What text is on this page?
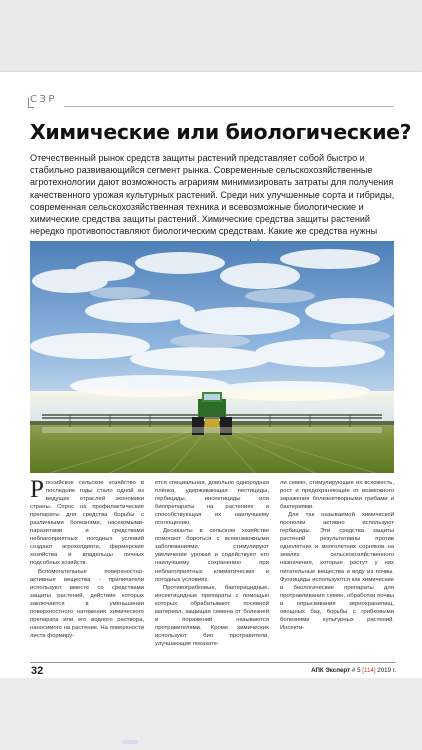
СЗР
Химические или биологические?

Отечественный рынок средств защиты растений представляет собой быстро и стабильно развивающийся сегмент рынка. Современные сельскохозяйственные агротехнологии дают возможность аграриям минимизировать затраты для получения качественного урожая культурных растений. Среди них улучшенные сорта и гибриды, современная сельскохозяйственная техника и всевозможные биологические и химические средства защиты растений. Химические средства защиты растений нередко противопоставляют биологическим средствам. Какие же средства нужны

Российское сельское хозяйство в последние годы стало одной из ведущих отраслей экономики страны. Спрос на профилактические препараты для средства борьбы с различными болезнями, насекомыми-паразитами и средствами неблагоприятных погодных условий создают агрохолдинги, фермерские хозяйства и владельцы личных подсобных хозяйств.

Вспомогательные поверхностно-активные вещества - прилипатели используют вместе со средствами защиты растений, действие которых заключается в уменьшении поверхностного натяжения химического препарата или его водного раствора, наносимого на растение. На поверхности листа формиру-

ется специальная, довольно однородная плёнка, удерживающая пестициды, гербициды, инсектициды или биопрепараты на растениях и способствующая их наилучшему поглощению.

Десиканты в сельском хозяйстве помогают бороться с всевозможными заболеваниями, стимулируют увеличение урожая и содействуют его наилучшему сохранению при неблагоприятных климатических и погодных условиях.

Противогрибковые, бактерицидные, инсектицидные препараты с помощью которых обрабатывают посевной материал, защищая семена от болезней и поражений называются протравителями. Кроме химических используют био протравители, улучшающие показате-

ли семян, стимулирующие их всхожесть, рост и предохраняющие от возможного заражения болезнетворными грибами и бактериями.

Для так называемой химической прополки активно используют гербициды. Эти средства защиты растений результативны против однолетних и многолетних сорняков на землях сельскохозяйственного назначения, которые растут у них питательные вещества и воду из почвы. Фунгициды используются как химические и биологические препараты для протравливания семян, обработки почвы и опрыскивания зернохранилищ, овощных баз, борьбы с грибковыми болезнями культурных растений. Инсекти-

32	АПК Эксперт # 5 [114] 2019 г.
